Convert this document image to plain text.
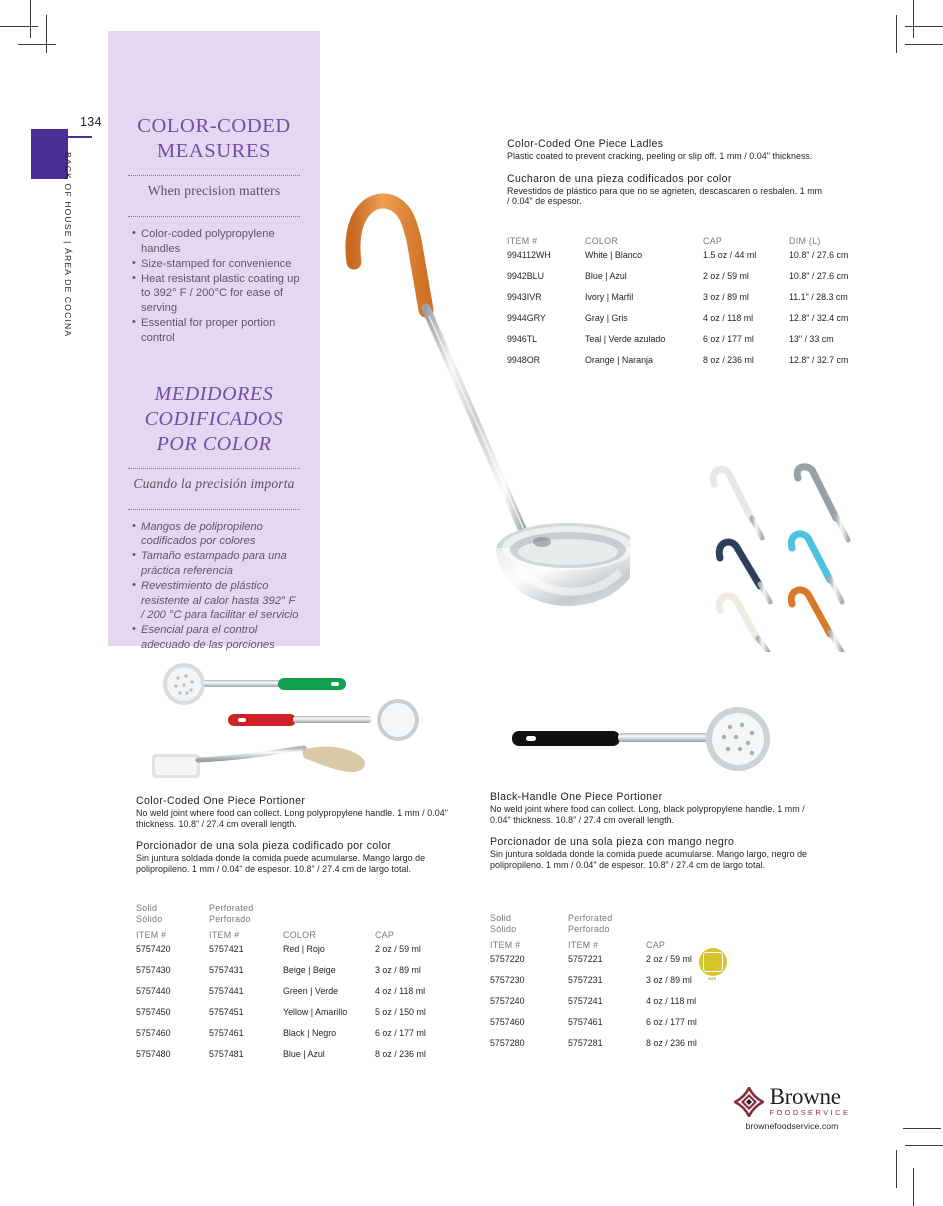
134
BACK OF HOUSE | ÁREA DE COCINA
COLOR-CODED
MEASURES
When precision matters
• Color-coded polypropylene handles
• Size-stamped for convenience
• Heat resistant plastic coating up to 392° F / 200°C for ease of serving
• Essential for proper portion control
MEDIDORES
CODIFICADOS
POR COLOR
Cuando la precisión importa
• Mangos de polipropileno codificados por colores
• Tamaño estampado para una práctica referencia
• Revestimiento de plástico resistente al calor hasta 392° F / 200 °C para facilitar el servicio
• Esencial para el control adecuado de las porciones
Color-Coded One Piece Ladles

Plastic coated to prevent cracking, peeling or slip off. 1 mm / 0.04" thickness.

Cucharon de una pieza codificados por color

Revestidos de plástico para que no se agrieten, descascaren o resbalen. 1 mm / 0.04" de espesor.

ITEM #	COLOR	CAP	DIM (L)
994112WH	White | Blanco	1.5 oz / 44 ml	10.8" / 27.6 cm
9942BLU	Blue | Azul	2 oz / 59 ml	10.8" / 27.6 cm
9943IVR	Ivory | Marfil	3 oz / 89 ml	11.1" / 28.3 cm
9944GRY	Gray | Gris	4 oz / 118 ml	12.8" / 32.4 cm
9946TL	Teal | Verde azulado	6 oz / 177 ml	13" / 33 cm
9948OR	Orange | Naranja	8 oz / 236 ml	12.8" / 32.7 cm
Color-Coded One Piece Portioner

No weld joint where food can collect. Long polypropylene handle. 1 mm / 0.04" thickness. 10.8” / 27.4 cm overall length.

Porcionador de una sola pieza codificado por color

Sin juntura soldada donde la comida puede acumularse. Mango largo de polipropileno. 1 mm / 0.04" de espesor. 10.8” / 27.4 cm de largo total.

Solid
Sólido	Perforated
Perforado		

ITEM #	ITEM #	COLOR	CAP
5757420	5757421	Red | Rojo	2 oz / 59 ml
5757430	5757431	Beige | Beige	3 oz / 89 ml
5757440	5757441	Green | Verde	4 oz / 118 ml
5757450	5757451	Yellow | Amarillo	5 oz / 150 ml
5757460	5757461	Black | Negro	6 oz / 177 ml
5757480	5757481	Blue | Azul	8 oz / 236 ml
Black-Handle One Piece Portioner

No weld joint where food can collect. Long, black polypropylene handle. 1 mm / 0.04" thickness. 10.8” / 27.4 cm overall length.

Porcionador de una sola pieza con mango negro

Sin juntura soldada donde la comida puede acumularse. Mango largo, negro de polipropileno. 1 mm / 0.04" de espesor. 10.8” / 27.4 cm de largo total.

Solid
Sólido	Perforated
Perforado	

ITEM #	ITEM #	CAP
5757220	5757221	2 oz / 59 ml
5757230	5757231	3 oz / 89 ml
5757240	5757241	4 oz / 118 ml
5757460	5757461	6 oz / 177 ml
5757280	5757281	8 oz / 236 ml
NSF
Browne
FOODSERVICE
brownefoodservice.com
